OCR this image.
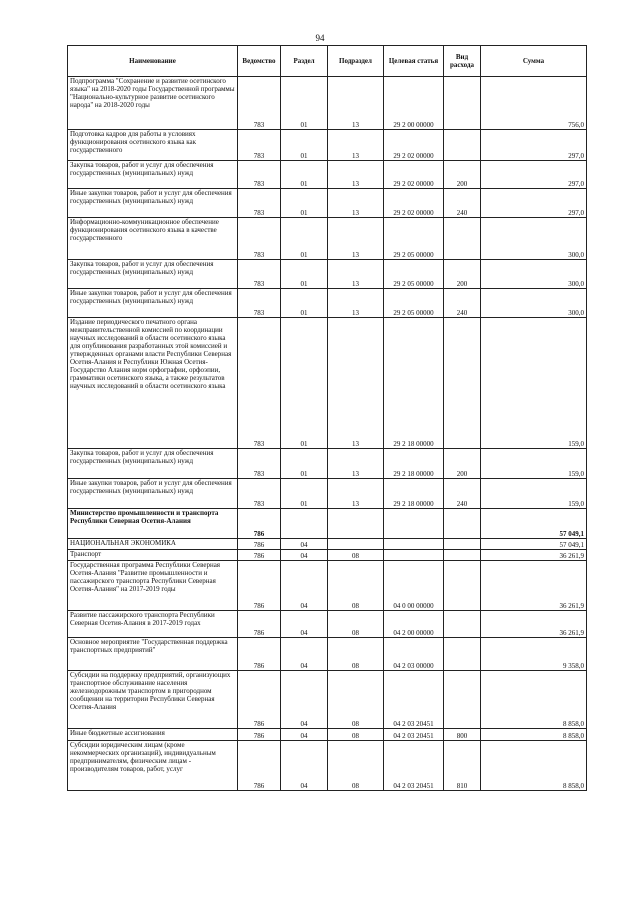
94
Наименование	Ведомство	Раздел	Подраздел	Целевая статья	Вид расхода	Сумма
Подпрограмма "Сохранение и развитие осетинского языка" на 2018-2020 годы Государственной программы "Национально-культурное развитие осетинского народа" на 2018-2020 годы	783	01	13	29 2 00 00000		756,0
Подготовка кадров для работы в условиях функционирования осетинского языка как государственного	783	01	13	29 2 02 00000		297,0
Закупка товаров, работ и услуг для обеспечения государственных (муниципальных) нужд	783	01	13	29 2 02 00000	200	297,0
Иные закупки товаров, работ и услуг для обеспечения государственных (муниципальных) нужд	783	01	13	29 2 02 00000	240	297,0
Информационно-коммуникационное обеспечение функционирования осетинского языка в качестве государственного	783	01	13	29 2 05 00000		300,0
Закупка товаров, работ и услуг для обеспечения государственных (муниципальных) нужд	783	01	13	29 2 05 00000	200	300,0
Иные закупки товаров, работ и услуг для обеспечения государственных (муниципальных) нужд	783	01	13	29 2 05 00000	240	300,0
Издание периодического печатного органа межправительственной комиссией по координации научных исследований в области осетинского языка для опубликования разработанных этой комиссией и утвержденных органами власти Республики Северная Осетия-Алания и Республики Южная Осетия-Государство Алания норм орфографии, орфоэпии, грамматики осетинского языка, а также результатов научных исследований в области осетинского языка	783	01	13	29 2 18 00000		159,0
Закупка товаров, работ и услуг для обеспечения государственных (муниципальных) нужд	783	01	13	29 2 18 00000	200	159,0
Иные закупки товаров, работ и услуг для обеспечения государственных (муниципальных) нужд	783	01	13	29 2 18 00000	240	159,0
Министерство промышленности и транспорта Республики Северная Осетия-Алания	786					57 049,1
НАЦИОНАЛЬНАЯ ЭКОНОМИКА	786	04				57 049,1
Транспорт	786	04	08			36 261,9
Государственная программа Республики Северная Осетия-Алания "Развитие промышленности и пассажирского транспорта Республики Северная Осетия-Алания" на 2017-2019 годы	786	04	08	04 0 00 00000		36 261,9
Развитие пассажирского транспорта Республики Северная Осетия-Алания в 2017-2019 годах	786	04	08	04 2 00 00000		36 261,9
Основное мероприятие "Государственная поддержка транспортных предприятий"	786	04	08	04 2 03 00000		9 358,0
Субсидии на поддержку предприятий, организующих транспортное обслуживание населения железнодорожным транспортом в пригородном сообщении на территории Республики Северная Осетия-Алания	786	04	08	04 2 03 20451		8 858,0
Иные бюджетные ассигнования	786	04	08	04 2 03 20451	800	8 858,0
Субсидии юридическим лицам (кроме некоммерческих организаций), индивидуальным предпринимателям, физическим лицам - производителям товаров, работ, услуг	786	04	08	04 2 03 20451	810	8 858,0
